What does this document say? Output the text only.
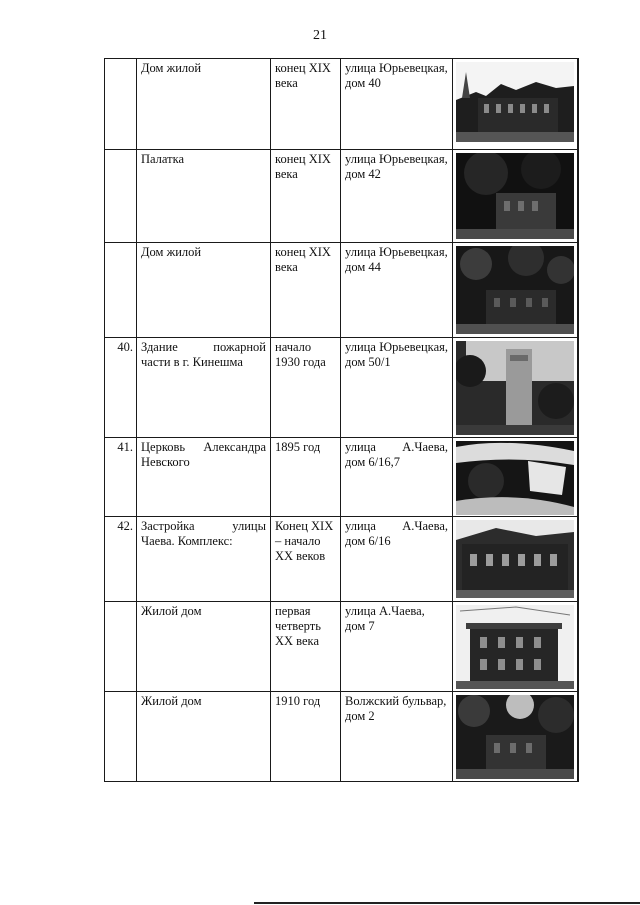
21
	Дом жилой	конец XIX века	улица Юрьевецкая, дом 40	

	Палатка	конец XIX века	улица Юрьевецкая, дом 42	

	Дом жилой	конец XIX века	улица Юрьевецкая, дом 44	

40.	Здание пожарной части в г. Кинешма	начало 1930 года	улица Юрьевецкая, дом 50/1	

41.	Церковь Александра Невского	1895 год	улица А.Чаева, дом 6/16,7	

42.	Застройка улицы Чаева. Комплекс:	Конец XIX – начало XX веков	улица А.Чаева, дом 6/16	

	Жилой дом	первая четверть XX века	улица А.Чаева, дом 7	

	Жилой дом	1910 год	Волжский бульвар, дом 2	
